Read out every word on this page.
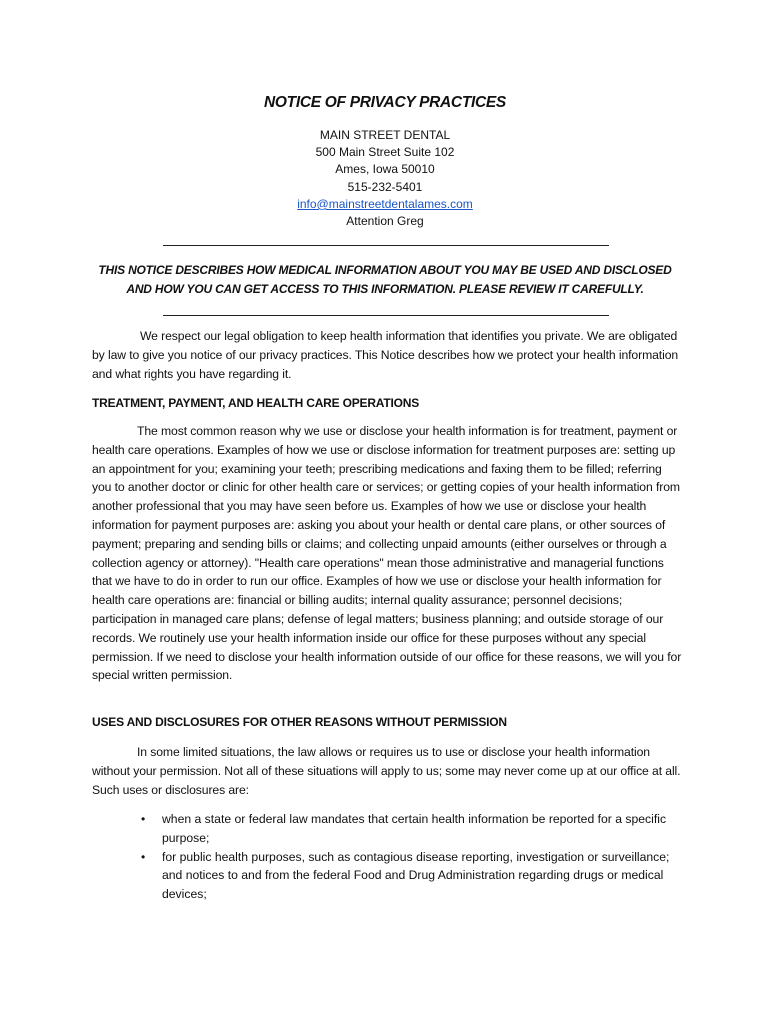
NOTICE OF PRIVACY PRACTICES
MAIN STREET DENTAL
500 Main Street Suite 102
Ames, Iowa 50010
515-232-5401
info@mainstreetdentalames.com
Attention Greg
THIS NOTICE DESCRIBES HOW MEDICAL INFORMATION ABOUT YOU MAY BE USED AND DISCLOSED
AND HOW YOU CAN GET ACCESS TO THIS INFORMATION. PLEASE REVIEW IT CAREFULLY.
We respect our legal obligation to keep health information that identifies you private. We are obligated by law to give you notice of our privacy practices. This Notice describes how we protect your health information and what rights you have regarding it.
TREATMENT, PAYMENT, AND HEALTH CARE OPERATIONS
The most common reason why we use or disclose your health information is for treatment, payment or health care operations. Examples of how we use or disclose information for treatment purposes are: setting up an appointment for you; examining your teeth; prescribing medications and faxing them to be filled; referring you to another doctor or clinic for other health care or services; or getting copies of your health information from another professional that you may have seen before us. Examples of how we use or disclose your health information for payment purposes are: asking you about your health or dental care plans, or other sources of payment; preparing and sending bills or claims; and collecting unpaid amounts (either ourselves or through a collection agency or attorney). "Health care operations" mean those administrative and managerial functions that we have to do in order to run our office. Examples of how we use or disclose your health information for health care operations are: financial or billing audits; internal quality assurance; personnel decisions; participation in managed care plans; defense of legal matters; business planning; and outside storage of our records. We routinely use your health information inside our office for these purposes without any special permission. If we need to disclose your health information outside of our office for these reasons, we will you for special written permission.
USES AND DISCLOSURES FOR OTHER REASONS WITHOUT PERMISSION
In some limited situations, the law allows or requires us to use or disclose your health information without your permission. Not all of these situations will apply to us; some may never come up at our office at all. Such uses or disclosures are:
• when a state or federal law mandates that certain health information be reported for a specific purpose;
• for public health purposes, such as contagious disease reporting, investigation or surveillance; and notices to and from the federal Food and Drug Administration regarding drugs or medical devices;
